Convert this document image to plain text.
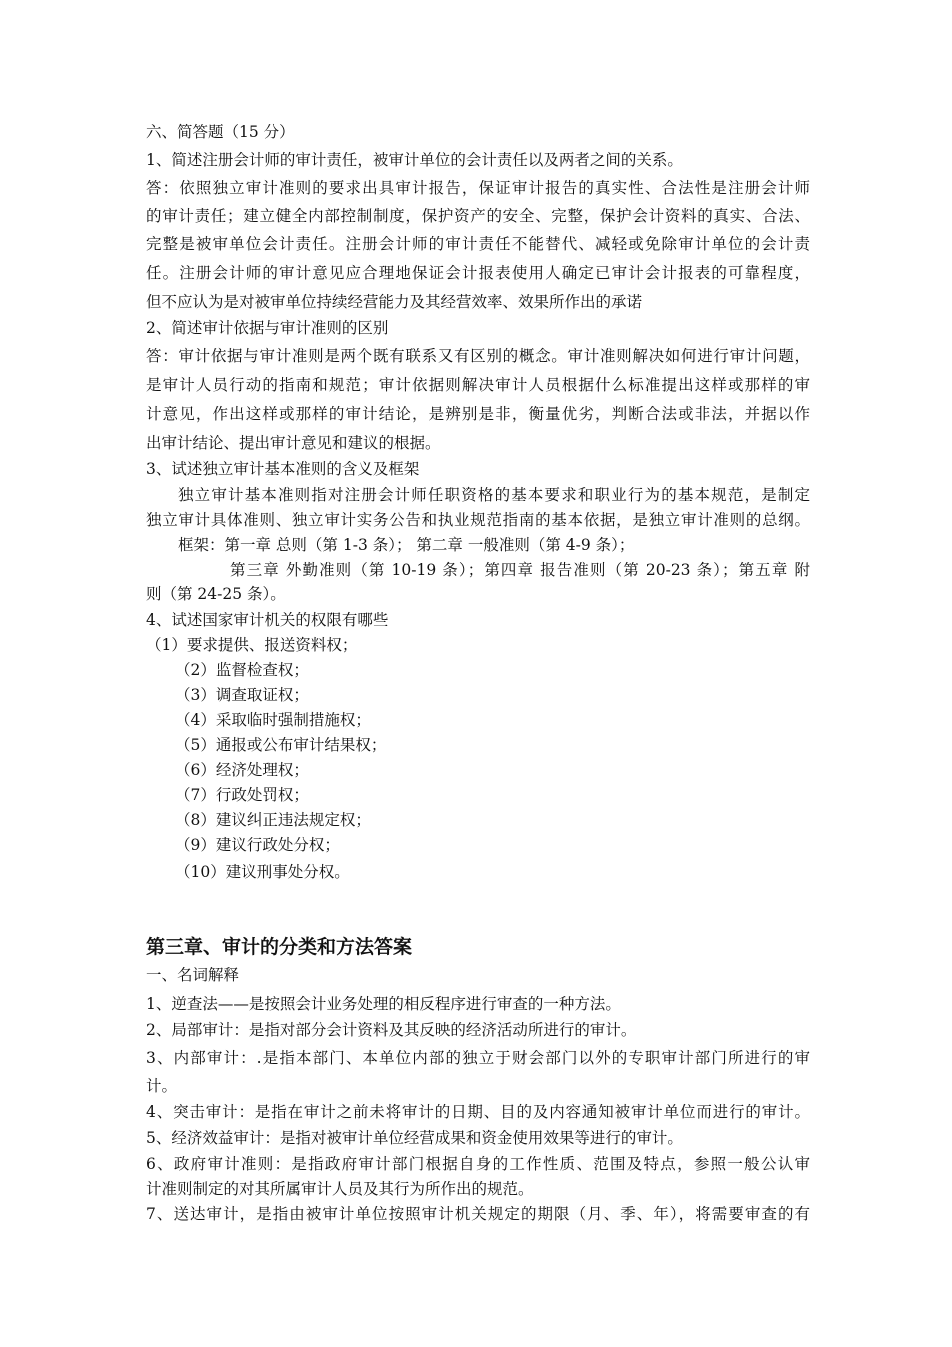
六、简答题（15 分）
1、简述注册会计师的审计责任，被审计单位的会计责任以及两者之间的关系。
答：依照独立审计准则的要求出具审计报告，保证审计报告的真实性、合法性是注册会计师
的审计责任；建立健全内部控制制度，保护资产的安全、完整，保护会计资料的真实、合法、
完整是被审单位会计责任。注册会计师的审计责任不能替代、减轻或免除审计单位的会计责
任。注册会计师的审计意见应合理地保证会计报表使用人确定已审计会计报表的可靠程度，
但不应认为是对被审单位持续经营能力及其经营效率、效果所作出的承诺
2、简述审计依据与审计准则的区别
答：审计依据与审计准则是两个既有联系又有区别的概念。审计准则解决如何进行审计问题，
是审计人员行动的指南和规范；审计依据则解决审计人员根据什么标准提出这样或那样的审
计意见，作出这样或那样的审计结论，是辨别是非，衡量优劣，判断合法或非法，并据以作
出审计结论、提出审计意见和建议的根据。
3、试述独立审计基本准则的含义及框架
独立审计基本准则指对注册会计师任职资格的基本要求和职业行为的基本规范，是制定
独立审计具体准则、独立审计实务公告和执业规范指南的基本依据，是独立审计准则的总纲。
框架：第一章 总则（第 1-3 条）； 第二章 一般准则（第 4-9 条）；
第三章 外勤准则（第 10-19 条）；第四章 报告准则（第 20-23 条）；第五章 附
则（第 24-25 条）。
4、试述国家审计机关的权限有哪些
（1）要求提供、报送资料权；
（2）监督检查权；
（3）调查取证权；
（4）采取临时强制措施权；
（5）通报或公布审计结果权；
（6）经济处理权；
（7）行政处罚权；
（8）建议纠正违法规定权；
（9）建议行政处分权；
（10）建议刑事处分权。
第三章、审计的分类和方法答案
一、名词解释
1、逆查法——是按照会计业务处理的相反程序进行审查的一种方法。
2、局部审计：是指对部分会计资料及其反映的经济活动所进行的审计。
3、内部审计：.是指本部门、本单位内部的独立于财会部门以外的专职审计部门所进行的审
计。
4、突击审计：是指在审计之前未将审计的日期、目的及内容通知被审计单位而进行的审计。
5、经济效益审计：是指对被审计单位经营成果和资金使用效果等进行的审计。
6、政府审计准则：是指政府审计部门根据自身的工作性质、范围及特点，参照一般公认审
计准则制定的对其所属审计人员及其行为所作出的规范。
7、送达审计，是指由被审计单位按照审计机关规定的期限（月、季、年），将需要审查的有
